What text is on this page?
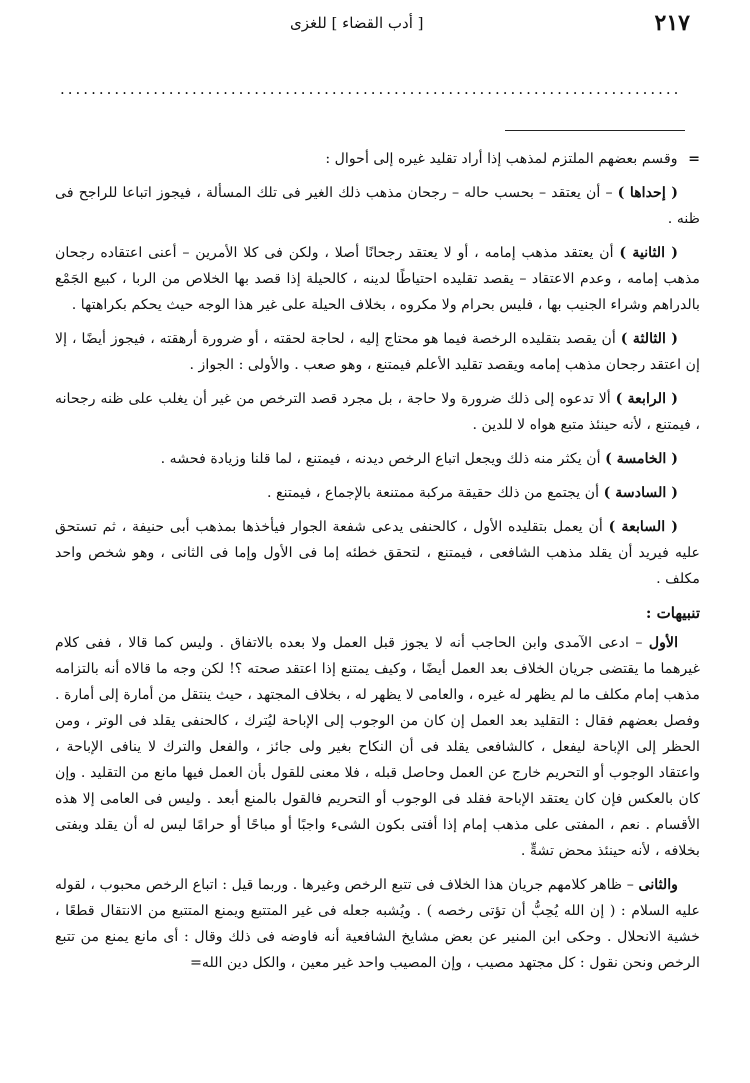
٢١٧
[ أدب القضاء ] للغزى
................................................................................

= وقسم بعضهم الملتزم لمذهب إذا أراد تقليد غيره إلى أحوال :

( إحداها ) – أن يعتقد – بحسب حاله – رجحان مذهب ذلك الغير فى تلك المسألة ، فيجوز اتباعا للراجح فى ظنه .

( الثانية ) أن يعتقد مذهب إمامه ، أو لا يعتقد رجحانًا أصلا ، ولكن فى كلا الأمرين – أعنى اعتقاده رجحان مذهب إمامه ، وعدم الاعتقاد – يقصد تقليده احتياطًا لدينه ، كالحيلة إذا قصد بها الخلاص من الربا ، كبيع الجَمْع بالدراهم وشراء الجنيب بها ، فليس بحرام ولا مكروه ، بخلاف الحيلة على غير هذا الوجه حيث يحكم بكراهتها .

( الثالثة ) أن يقصد بتقليده الرخصة فيما هو محتاج إليه ، لحاجة لحقته ، أو ضرورة أرهقته ، فيجوز أيضًا ، إلا إن اعتقد رجحان مذهب إمامه ويقصد تقليد الأعلم فيمتنع ، وهو صعب . والأولى : الجواز .

( الرابعة ) ألا تدعوه إلى ذلك ضرورة ولا حاجة ، بل مجرد قصد الترخص من غير أن يغلب على ظنه رجحانه ، فيمتنع ، لأنه حينئذ متبع هواه لا للدين .

( الخامسة ) أن يكثر منه ذلك ويجعل اتباع الرخص ديدنه ، فيمتنع ، لما قلنا وزيادة فحشه .

( السادسة ) أن يجتمع من ذلك حقيقة مركبة ممتنعة بالإجماع ، فيمتنع .

( السابعة ) أن يعمل بتقليده الأول ، كالحنفى يدعى شفعة الجوار فيأخذها بمذهب أبى حنيفة ، ثم تستحق عليه فيريد أن يقلد مذهب الشافعى ، فيمتنع ، لتحقق خطئه إما فى الأول وإما فى الثانى ، وهو شخص واحد مكلف .

تنبيهات :

الأول – ادعى الآمدى وابن الحاجب أنه لا يجوز قبل العمل ولا بعده بالاتفاق . وليس كما قالا ، ففى كلام غيرهما ما يقتضى جريان الخلاف بعد العمل أيضًا ، وكيف يمتنع إذا اعتقد صحته ؟! لكن وجه ما قالاه أنه بالتزامه مذهب إمام مكلف ما لم يظهر له غيره ، والعامى لا يظهر له ، بخلاف المجتهد ، حيث ينتقل من أمارة إلى أمارة . وفصل بعضهم فقال : التقليد بعد العمل إن كان من الوجوب إلى الإباحة ليُترك ، كالحنفى يقلد فى الوتر ، ومن الحظر إلى الإباحة ليفعل ، كالشافعى يقلد فى أن النكاح بغير ولى جائز ، والفعل والترك لا ينافى الإباحة ، واعتقاد الوجوب أو التحريم خارج عن العمل وحاصل قبله ، فلا معنى للقول بأن العمل فيها مانع من التقليد . وإن كان بالعكس فإن كان يعتقد الإباحة فقلد فى الوجوب أو التحريم فالقول بالمنع أبعد . وليس فى العامى إلا هذه الأقسام . نعم ، المفتى على مذهب إمام إذا أفتى بكون الشىء واجبًا أو مباحًا أو حرامًا ليس له أن يقلد ويفتى بخلافه ، لأنه حينئذ محض تشهٍّ .

والثانى – ظاهر كلامهم جريان هذا الخلاف فى تتبع الرخص وغيرها . وربما قيل : اتباع الرخص محبوب ، لقوله عليه السلام : ( إن الله يُحِبُّ أن تؤتى رخصه ) . ويُشبه جعله فى غير المتتبع ويمنع المتتبع من الانتقال قطعًا ، خشية الانحلال . وحكى ابن المنير عن بعض مشايخ الشافعية أنه فاوضه فى ذلك وقال : أى مانع يمنع من تتبع الرخص ونحن نقول : كل مجتهد مصيب ، وإن المصيب واحد غير معين ، والكل دين الله=
